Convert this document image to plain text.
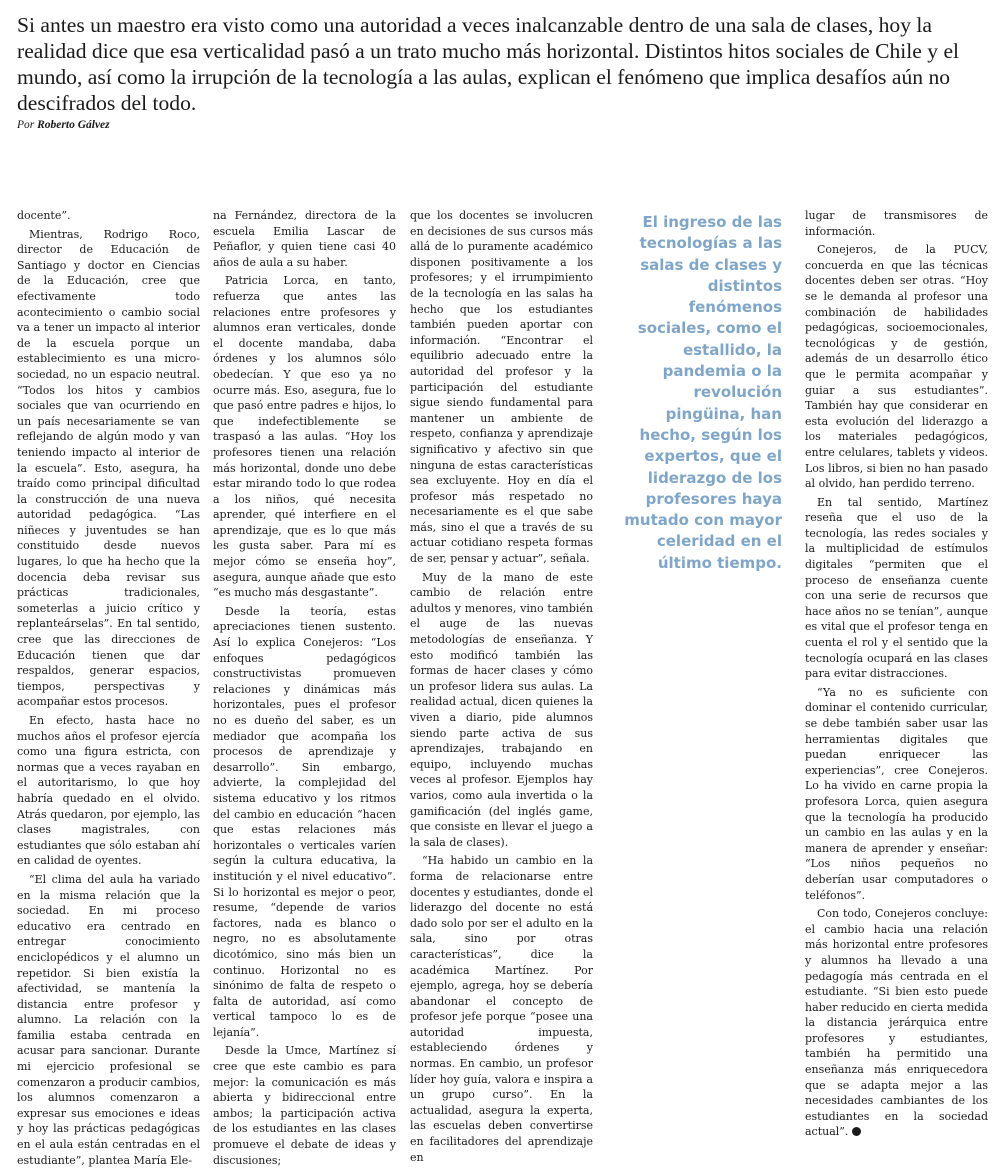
Si antes un maestro era visto como una autoridad a veces inalcanzable dentro de una sala de clases, hoy la realidad dice que esa verticalidad pasó a un trato mucho más horizontal. Distintos hitos sociales de Chile y el mundo, así como la irrupción de la tecnología a las aulas, explican el fenómeno que implica desafíos aún no descifrados del todo.

Por Roberto Gálvez

docente”.

Mientras, Rodrigo Roco, director de Educación de Santiago y doctor en Ciencias de la Educación, cree que efectivamente todo acontecimiento o cambio social va a tener un impacto al interior de la escuela porque un establecimiento es una micro-sociedad, no un espacio neutral. “Todos los hitos y cambios sociales que van ocurriendo en un país necesariamente se van reflejando de algún modo y van teniendo impacto al interior de la escuela”. Esto, asegura, ha traído como principal dificultad la construcción de una nueva autoridad pedagógica. “Las niñeces y juventudes se han constituido desde nuevos lugares, lo que ha hecho que la docencia deba revisar sus prácticas tradicionales, someterlas a juicio crítico y replanteárselas”. En tal sentido, cree que las direcciones de Educación tienen que dar respaldos, generar espacios, tiempos, perspectivas y acompañar estos procesos.

En efecto, hasta hace no muchos años el profesor ejercía como una figura estricta, con normas que a veces rayaban en el autoritarismo, lo que hoy habría quedado en el olvido. Atrás quedaron, por ejemplo, las clases magistrales, con estudiantes que sólo estaban ahí en calidad de oyentes.

“El clima del aula ha variado en la misma relación que la sociedad. En mi proceso educativo era centrado en entregar conocimiento enciclopédicos y el alumno un repetidor. Si bien existía la afectividad, se mantenía la distancia entre profesor y alumno. La relación con la familia estaba centrada en acusar para sancionar. Durante mi ejercicio profesional se comenzaron a producir cambios, los alumnos comenzaron a expresar sus emociones e ideas y hoy las prácticas pedagógicas en el aula están centradas en el estudiante”, plantea María Ele-

na Fernández, directora de la escuela Emilia Lascar de Peñaflor, y quien tiene casi 40 años de aula a su haber.

Patricia Lorca, en tanto, refuerza que antes las relaciones entre profesores y alumnos eran verticales, donde el docente mandaba, daba órdenes y los alumnos sólo obedecían. Y que eso ya no ocurre más. Eso, asegura, fue lo que pasó entre padres e hijos, lo que indefectiblemente se traspasó a las aulas. “Hoy los profesores tienen una relación más horizontal, donde uno debe estar mirando todo lo que rodea a los niños, qué necesita aprender, qué interfiere en el aprendizaje, que es lo que más les gusta saber. Para mí es mejor cómo se enseña hoy”, asegura, aunque añade que esto “es mucho más desgastante”.

Desde la teoría, estas apreciaciones tienen sustento. Así lo explica Conejeros: “Los enfoques pedagógicos constructivistas promueven relaciones y dinámicas más horizontales, pues el profesor no es dueño del saber, es un mediador que acompaña los procesos de aprendizaje y desarrollo”. Sin embargo, advierte, la complejidad del sistema educativo y los ritmos del cambio en educación “hacen que estas relaciones más horizontales o verticales varíen según la cultura educativa, la institución y el nivel educativo”. Si lo horizontal es mejor o peor, resume, “depende de varios factores, nada es blanco o negro, no es absolutamente dicotómico, sino más bien un continuo. Horizontal no es sinónimo de falta de respeto o falta de autoridad, así como vertical tampoco lo es de lejanía”.

Desde la Umce, Martínez sí cree que este cambio es para mejor: la comunicación es más abierta y bidireccional entre ambos; la participación activa de los estudiantes en las clases promueve el debate de ideas y discusiones;

que los docentes se involucren en decisiones de sus cursos más allá de lo puramente académico disponen positivamente a los profesores; y el irrumpimiento de la tecnología en las salas ha hecho que los estudiantes también pueden aportar con información. “Encontrar el equilibrio adecuado entre la autoridad del profesor y la participación del estudiante sigue siendo fundamental para mantener un ambiente de respeto, confianza y aprendizaje significativo y afectivo sin que ninguna de estas características sea excluyente. Hoy en día el profesor más respetado no necesariamente es el que sabe más, sino el que a través de su actuar cotidiano respeta formas de ser, pensar y actuar”, señala.

Muy de la mano de este cambio de relación entre adultos y menores, vino también el auge de las nuevas metodologías de enseñanza. Y esto modificó también las formas de hacer clases y cómo un profesor lidera sus aulas. La realidad actual, dicen quienes la viven a diario, pide alumnos siendo parte activa de sus aprendizajes, trabajando en equipo, incluyendo muchas veces al profesor. Ejemplos hay varios, como aula invertida o la gamificación (del inglés game, que consiste en llevar el juego a la sala de clases).

“Ha habido un cambio en la forma de relacionarse entre docentes y estudiantes, donde el liderazgo del docente no está dado solo por ser el adulto en la sala, sino por otras características”, dice la académica Martínez. Por ejemplo, agrega, hoy se debería abandonar el concepto de profesor jefe porque “posee una autoridad impuesta, estableciendo órdenes y normas. En cambio, un profesor líder hoy guía, valora e inspira a un grupo curso”. En la actualidad, asegura la experta, las escuelas deben convertirse en facilitadores del aprendizaje en

El ingreso de las tecnologías a las salas de clases y distintos fenómenos sociales, como el estallido, la pandemia o la revolución pingüina, han hecho, según los expertos, que el liderazgo de los profesores haya mutado con mayor celeridad en el último tiempo.

lugar de transmisores de información.

Conejeros, de la PUCV, concuerda en que las técnicas docentes deben ser otras. “Hoy se le demanda al profesor una combinación de habilidades pedagógicas, socioemocionales, tecnológicas y de gestión, además de un desarrollo ético que le permita acompañar y guiar a sus estudiantes”. También hay que considerar en esta evolución del liderazgo a los materiales pedagógicos, entre celulares, tablets y videos. Los libros, si bien no han pasado al olvido, han perdido terreno.

En tal sentido, Martínez reseña que el uso de la tecnología, las redes sociales y la multiplicidad de estímulos digitales “permiten que el proceso de enseñanza cuente con una serie de recursos que hace años no se tenían”, aunque es vital que el profesor tenga en cuenta el rol y el sentido que la tecnología ocupará en las clases para evitar distracciones.

“Ya no es suficiente con dominar el contenido curricular, se debe también saber usar las herramientas digitales que puedan enriquecer las experiencias”, cree Conejeros. Lo ha vivido en carne propia la profesora Lorca, quien asegura que la tecnología ha producido un cambio en las aulas y en la manera de aprender y enseñar: “Los niños pequeños no deberían usar computadores o teléfonos”.

Con todo, Conejeros concluye: el cambio hacia una relación más horizontal entre profesores y alumnos ha llevado a una pedagogía más centrada en el estudiante. “Si bien esto puede haber reducido en cierta medida la distancia jerárquica entre profesores y estudiantes, también ha permitido una enseñanza más enriquecedora que se adapta mejor a las necesidades cambiantes de los estudiantes en la sociedad actual”.
